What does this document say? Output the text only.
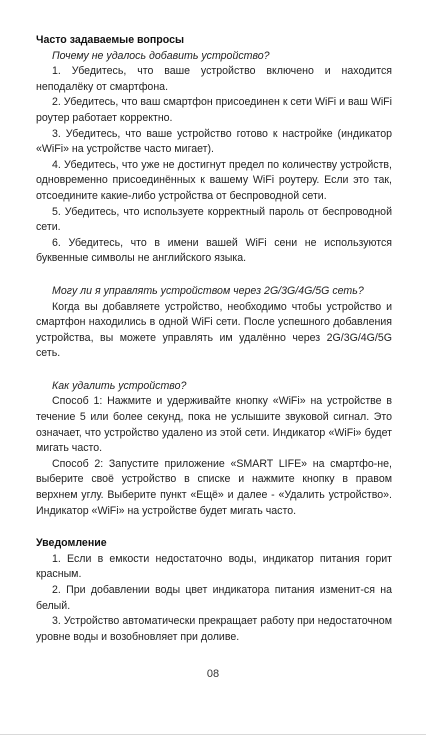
Часто задаваемые вопросы

Почему не удалось добавить устройство?

1. Убедитесь, что ваше устройство включено и находится неподалёку от смартфона.

2. Убедитесь, что ваш смартфон присоединен к сети WiFi и ваш WiFi роутер работает корректно.

3. Убедитесь, что ваше устройство готово к настройке (индикатор «WiFi» на устройстве часто мигает).

4. Убедитесь, что уже не достигнут предел по количеству устройств, одновременно присоединённых к вашему WiFi роутеру. Если это так, отсоедините какие-либо устройства от беспроводной сети.

5. Убедитесь, что используете корректный пароль от беспроводной сети.

6. Убедитесь, что в имени вашей WiFi сени не используются буквенные символы не английского языка.

Могу ли я управлять устройством через 2G/3G/4G/5G сеть?

Когда вы добавляете устройство, необходимо чтобы устройство и смартфон находились в одной WiFi сети. После успешного добавления устройства, вы можете управлять им удалённо через 2G/3G/4G/5G сеть.

Как удалить устройство?

Способ 1: Нажмите и удерживайте кнопку «WiFi» на устройстве в течение 5 или более секунд, пока не услышите звуковой сигнал. Это означает, что устройство удалено из этой сети. Индикатор «WiFi» будет мигать часто.

Способ 2: Запустите приложение «SMART LIFE» на смартфо-не, выберите своё устройство в списке и нажмите кнопку в правом верхнем углу. Выберите пункт «Ещё» и далее - «Удалить устройство». Индикатор «WiFi» на устройстве будет мигать часто.

Уведомление

1. Если в емкости недостаточно воды, индикатор питания горит красным.

2. При добавлении воды цвет индикатора питания изменит-ся на белый.

3. Устройство автоматически прекращает работу при недостаточном уровне воды и возобновляет при доливе.

08
